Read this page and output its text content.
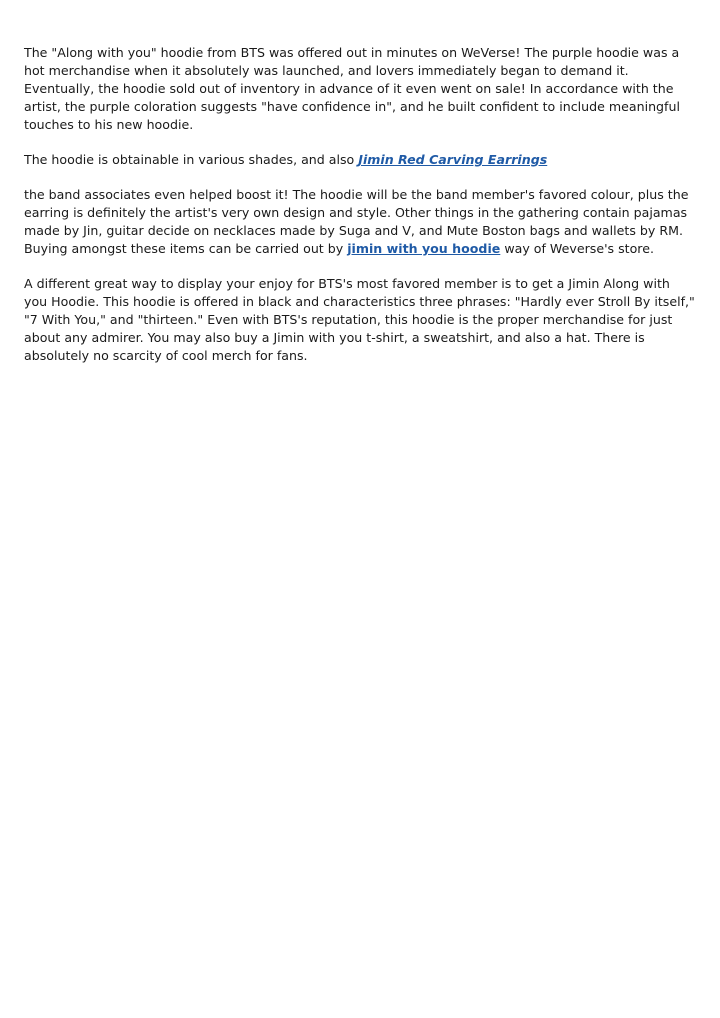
The "Along with you" hoodie from BTS was offered out in minutes on WeVerse! The purple hoodie was a hot merchandise when it absolutely was launched, and lovers immediately began to demand it. Eventually, the hoodie sold out of inventory in advance of it even went on sale! In accordance with the artist, the purple coloration suggests "have confidence in", and he built confident to include meaningful touches to his new hoodie.

The hoodie is obtainable in various shades, and also Jimin Red Carving Earrings

the band associates even helped boost it! The hoodie will be the band member's favored colour, plus the earring is definitely the artist's very own design and style. Other things in the gathering contain pajamas made by Jin, guitar decide on necklaces made by Suga and V, and Mute Boston bags and wallets by RM. Buying amongst these items can be carried out by jimin with you hoodie way of Weverse's store.

A different great way to display your enjoy for BTS's most favored member is to get a Jimin Along with you Hoodie. This hoodie is offered in black and characteristics three phrases: "Hardly ever Stroll By itself," "7 With You," and "thirteen." Even with BTS's reputation, this hoodie is the proper merchandise for just about any admirer. You may also buy a Jimin with you t-shirt, a sweatshirt, and also a hat. There is absolutely no scarcity of cool merch for fans.
